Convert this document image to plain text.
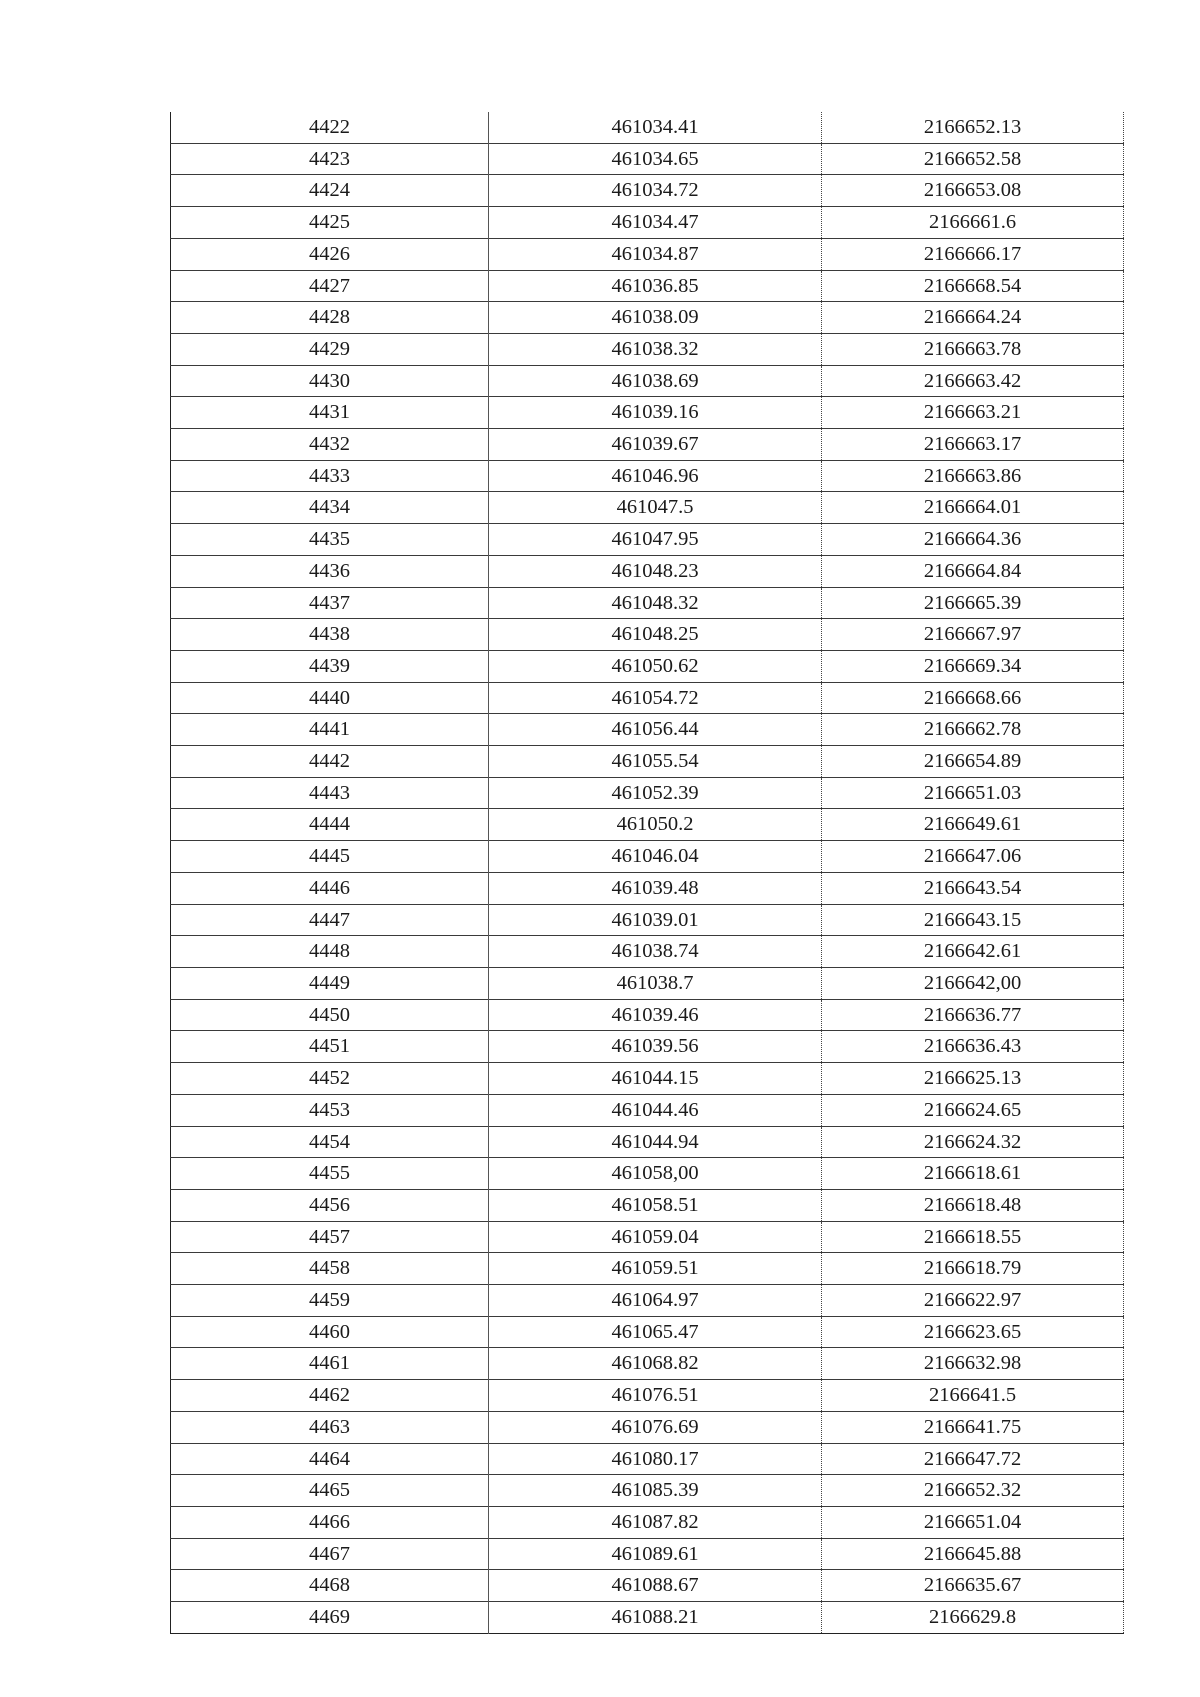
4422	461034.41	2166652.13
4423	461034.65	2166652.58
4424	461034.72	2166653.08
4425	461034.47	2166661.6
4426	461034.87	2166666.17
4427	461036.85	2166668.54
4428	461038.09	2166664.24
4429	461038.32	2166663.78
4430	461038.69	2166663.42
4431	461039.16	2166663.21
4432	461039.67	2166663.17
4433	461046.96	2166663.86
4434	461047.5	2166664.01
4435	461047.95	2166664.36
4436	461048.23	2166664.84
4437	461048.32	2166665.39
4438	461048.25	2166667.97
4439	461050.62	2166669.34
4440	461054.72	2166668.66
4441	461056.44	2166662.78
4442	461055.54	2166654.89
4443	461052.39	2166651.03
4444	461050.2	2166649.61
4445	461046.04	2166647.06
4446	461039.48	2166643.54
4447	461039.01	2166643.15
4448	461038.74	2166642.61
4449	461038.7	2166642,00
4450	461039.46	2166636.77
4451	461039.56	2166636.43
4452	461044.15	2166625.13
4453	461044.46	2166624.65
4454	461044.94	2166624.32
4455	461058,00	2166618.61
4456	461058.51	2166618.48
4457	461059.04	2166618.55
4458	461059.51	2166618.79
4459	461064.97	2166622.97
4460	461065.47	2166623.65
4461	461068.82	2166632.98
4462	461076.51	2166641.5
4463	461076.69	2166641.75
4464	461080.17	2166647.72
4465	461085.39	2166652.32
4466	461087.82	2166651.04
4467	461089.61	2166645.88
4468	461088.67	2166635.67
4469	461088.21	2166629.8
